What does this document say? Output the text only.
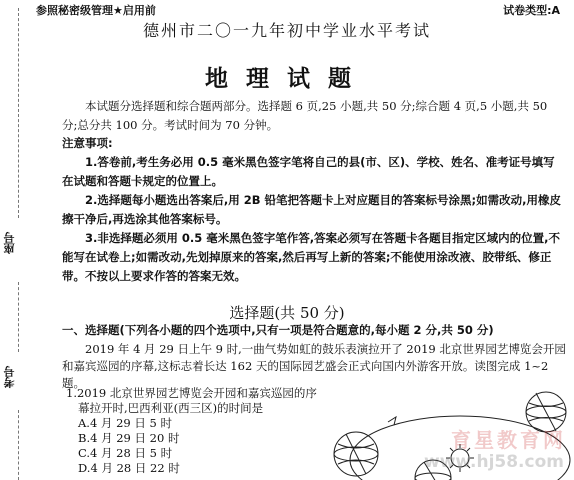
参照秘密级管理★启用前	试卷类型:A
德州市二〇一九年初中学业水平考试
地理试题
本试题分选择题和综合题两部分。选择题 6 页,25 小题,共 50 分;综合题 4 页,5 小题,共 50 分;总分共 100 分。考试时间为 70 分钟。
注意事项:

1.答卷前,考生务必用 0.5 毫米黑色签字笔将自己的县(市、区)、学校、姓名、准考证号填写在试题和答题卡规定的位置上。

2.选择题每小题选出答案后,用 2B 铅笔把答题卡上对应题目的答案标号涂黑;如需改动,用橡皮擦干净后,再选涂其他答案标号。

3.非选择题必须用 0.5 毫米黑色签字笔作答,答案必须写在答题卡各题目指定区域内的位置,不能写在试卷上;如需改动,先划掉原来的答案,然后再写上新的答案;不能使用涂改液、胶带纸、修正带。不按以上要求作答的答案无效。

选择题(共 50 分)
一、选择题(下列各小题的四个选项中,只有一项是符合题意的,每小题 2 分,共 50 分)
2019 年 4 月 29 日上午 9 时,一曲气势如虹的鼓乐表演拉开了 2019 北京世界园艺博览会开园和嘉宾巡园的序幕,这标志着长达 162 天的国际园艺盛会正式向国内外游客开放。读图完成 1~2 题。
1.2019 北京世界园艺博览会开园和嘉宾巡园的序
幕拉开时,巴西利亚(西三区)的时间是
A.4 月 29 日 5 时
B.4 月 29 日 20 时
C.4 月 28 日 5 时
D.4 月 28 日 22 时
座号
考号
育星教育网
www.hj58.com
